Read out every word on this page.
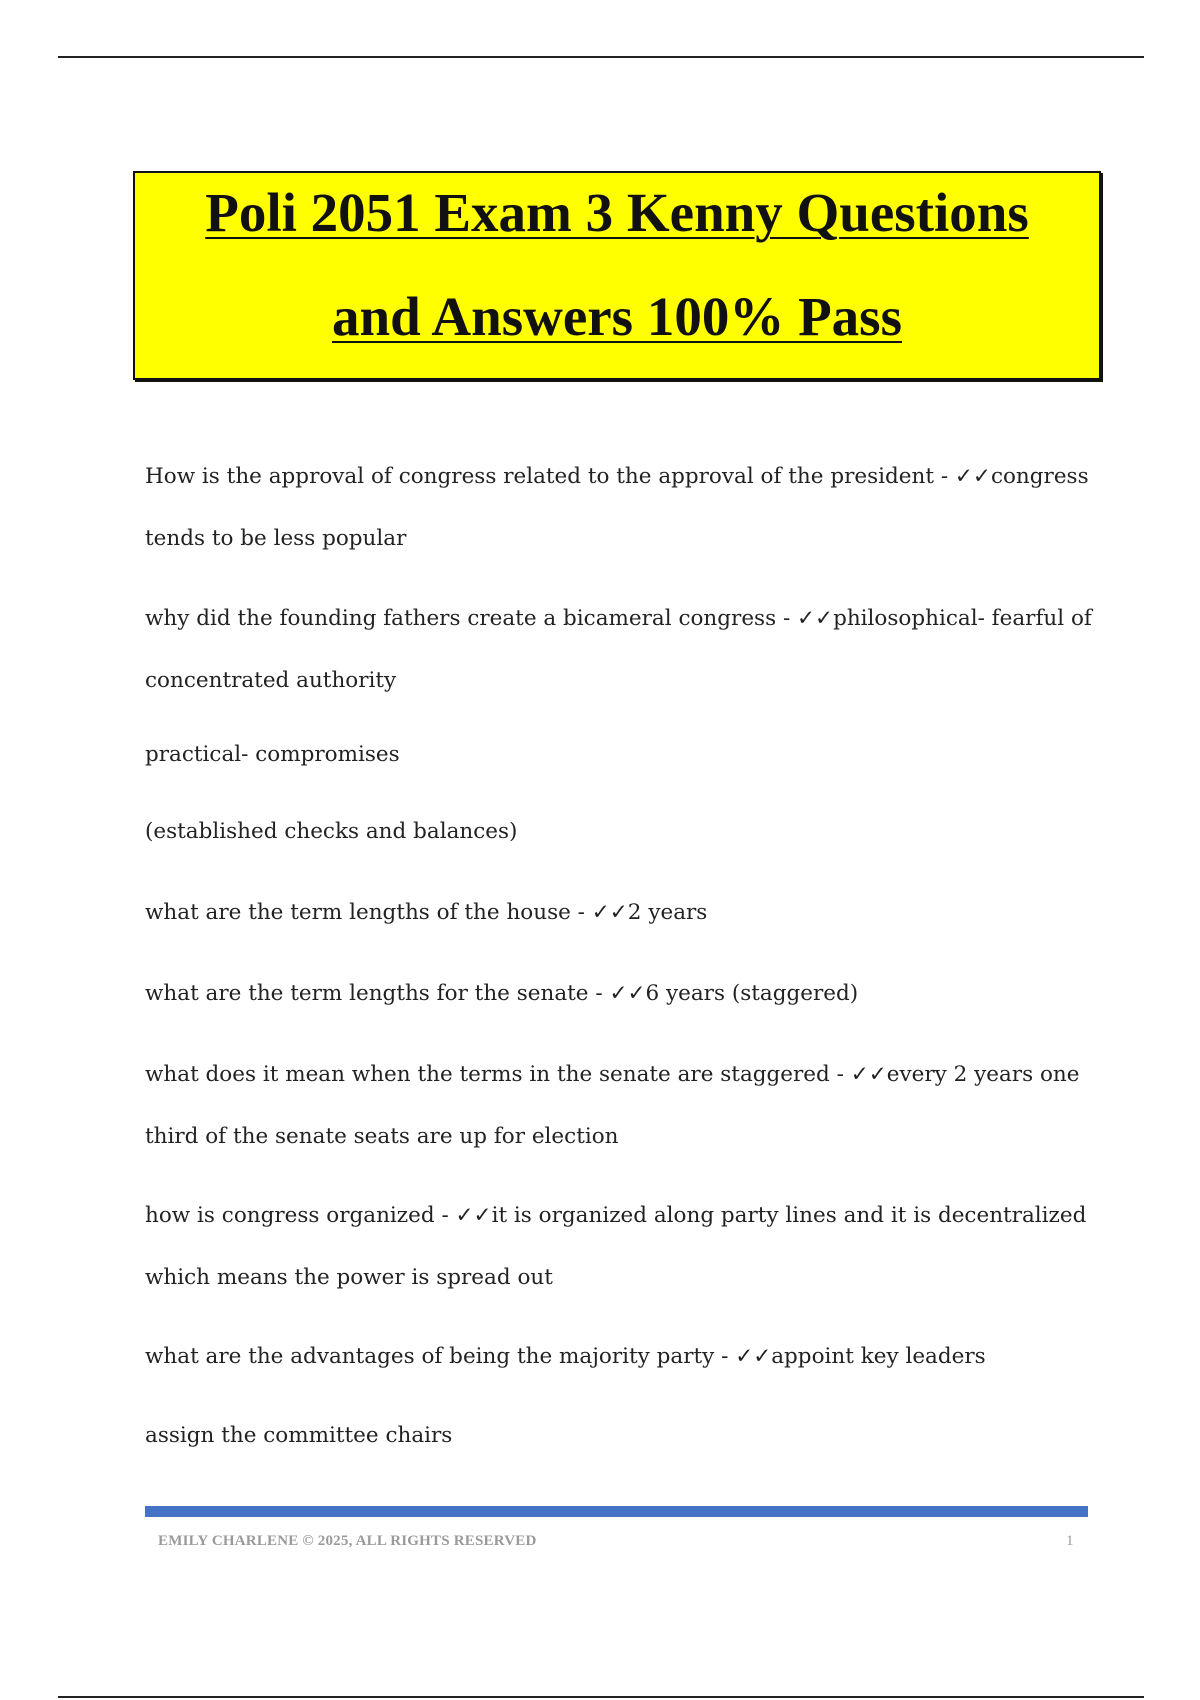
Poli 2051 Exam 3 Kenny Questions
and Answers 100% Pass

How is the approval of congress related to the approval of the president - ✓✓congress

tends to be less popular

why did the founding fathers create a bicameral congress - ✓✓philosophical- fearful of

concentrated authority

practical- compromises

(established checks and balances)

what are the term lengths of the house - ✓✓2 years

what are the term lengths for the senate - ✓✓6 years (staggered)

what does it mean when the terms in the senate are staggered - ✓✓every 2 years one

third of the senate seats are up for election

how is congress organized - ✓✓it is organized along party lines and it is decentralized

which means the power is spread out

what are the advantages of being the majority party - ✓✓appoint key leaders

assign the committee chairs

EMILY CHARLENE © 2025, ALL RIGHTS RESERVED	1
